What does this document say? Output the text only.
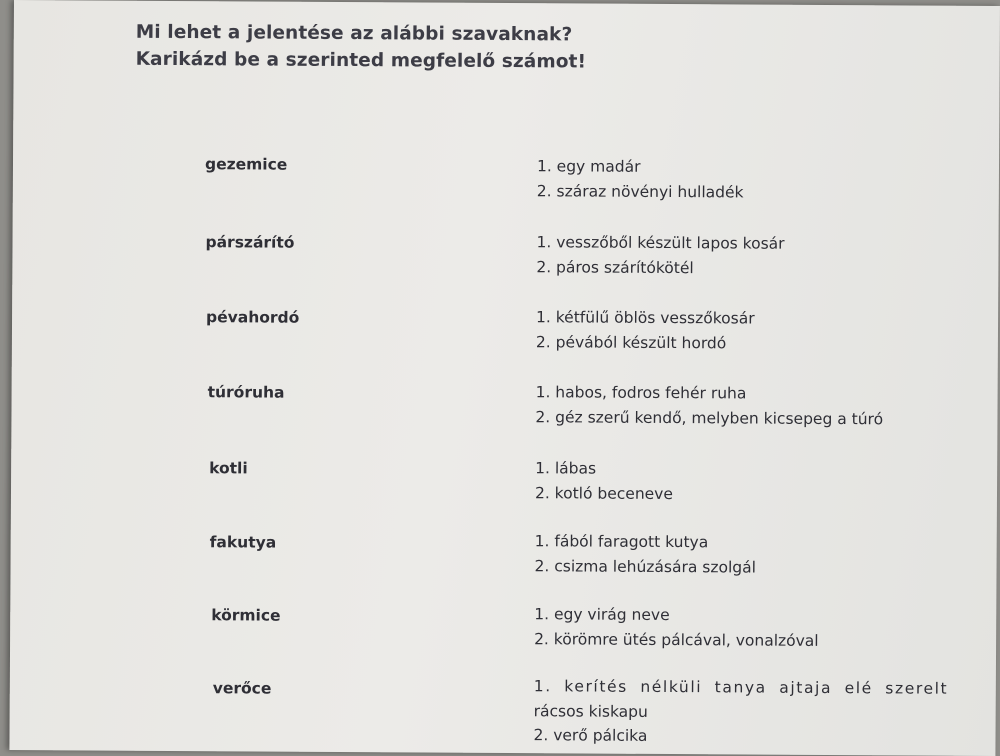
Mi lehet a jelentése az alábbi szavaknak?
Karikázd be a szerinted megfelelő számot!
gezemice	1. egy madár
2. száraz növényi hulladék
párszárító	1. vesszőből készült lapos kosár
2. páros szárítókötél
pévahordó	1. kétfülű öblös vesszőkosár
2. pévából készült hordó
túróruha	1. habos, fodros fehér ruha
2. géz szerű kendő, melyben kicsepeg a túró
kotli	1. lábas
2. kotló beceneve
fakutya	1. fából faragott kutya
2. csizma lehúzására szolgál
körmice	1. egy virág neve
2. körömre ütés pálcával, vonalzóval
verőce	1. kerítés nélküli tanya ajtaja elé szerelt
rácsos kiskapu
2. verő pálcika
